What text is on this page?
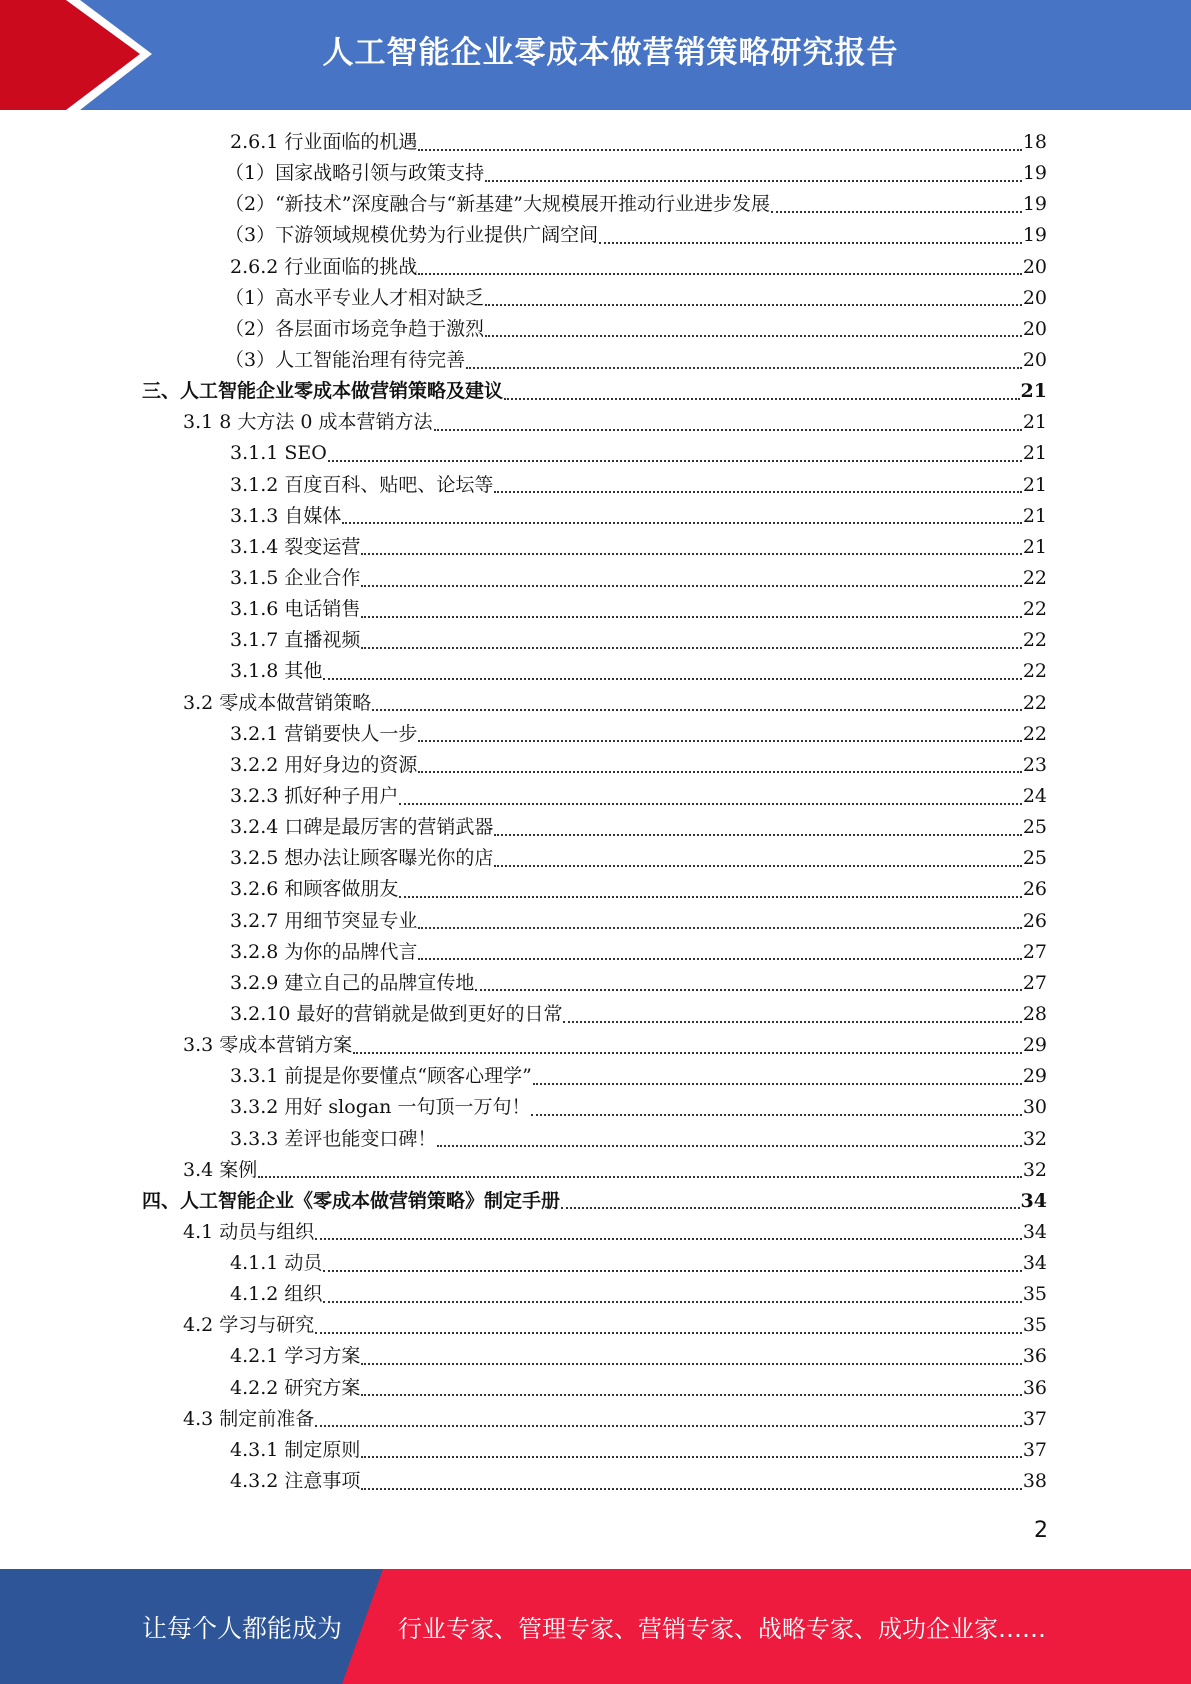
人工智能企业零成本做营销策略研究报告
2.6.1 行业面临的机遇	18
（1）国家战略引领与政策支持	19
（2）“新技术”深度融合与“新基建”大规模展开推动行业进步发展	19
（3）下游领域规模优势为行业提供广阔空间	19
2.6.2 行业面临的挑战	20
（1）高水平专业人才相对缺乏	20
（2）各层面市场竞争趋于激烈	20
（3）人工智能治理有待完善	20
三、人工智能企业零成本做营销策略及建议	21
3.1 8 大方法 0 成本营销方法	21
3.1.1 SEO	21
3.1.2 百度百科、贴吧、论坛等	21
3.1.3 自媒体	21
3.1.4 裂变运营	21
3.1.5 企业合作	22
3.1.6 电话销售	22
3.1.7 直播视频	22
3.1.8 其他	22
3.2 零成本做营销策略	22
3.2.1 营销要快人一步	22
3.2.2 用好身边的资源	23
3.2.3 抓好种子用户	24
3.2.4 口碑是最厉害的营销武器	25
3.2.5 想办法让顾客曝光你的店	25
3.2.6 和顾客做朋友	26
3.2.7 用细节突显专业	26
3.2.8 为你的品牌代言	27
3.2.9 建立自己的品牌宣传地	27
3.2.10 最好的营销就是做到更好的日常	28
3.3 零成本营销方案	29
3.3.1 前提是你要懂点“顾客心理学”	29
3.3.2 用好 slogan 一句顶一万句！	30
3.3.3 差评也能变口碑！	32
3.4 案例	32
四、人工智能企业《零成本做营销策略》制定手册	34
4.1 动员与组织	34
4.1.1 动员	34
4.1.2 组织	35
4.2 学习与研究	35
4.2.1 学习方案	36
4.2.2 研究方案	36
4.3 制定前准备	37
4.3.1 制定原则	37
4.3.2 注意事项	38
2
让每个人都能成为 行业专家、管理专家、营销专家、战略专家、成功企业家……
